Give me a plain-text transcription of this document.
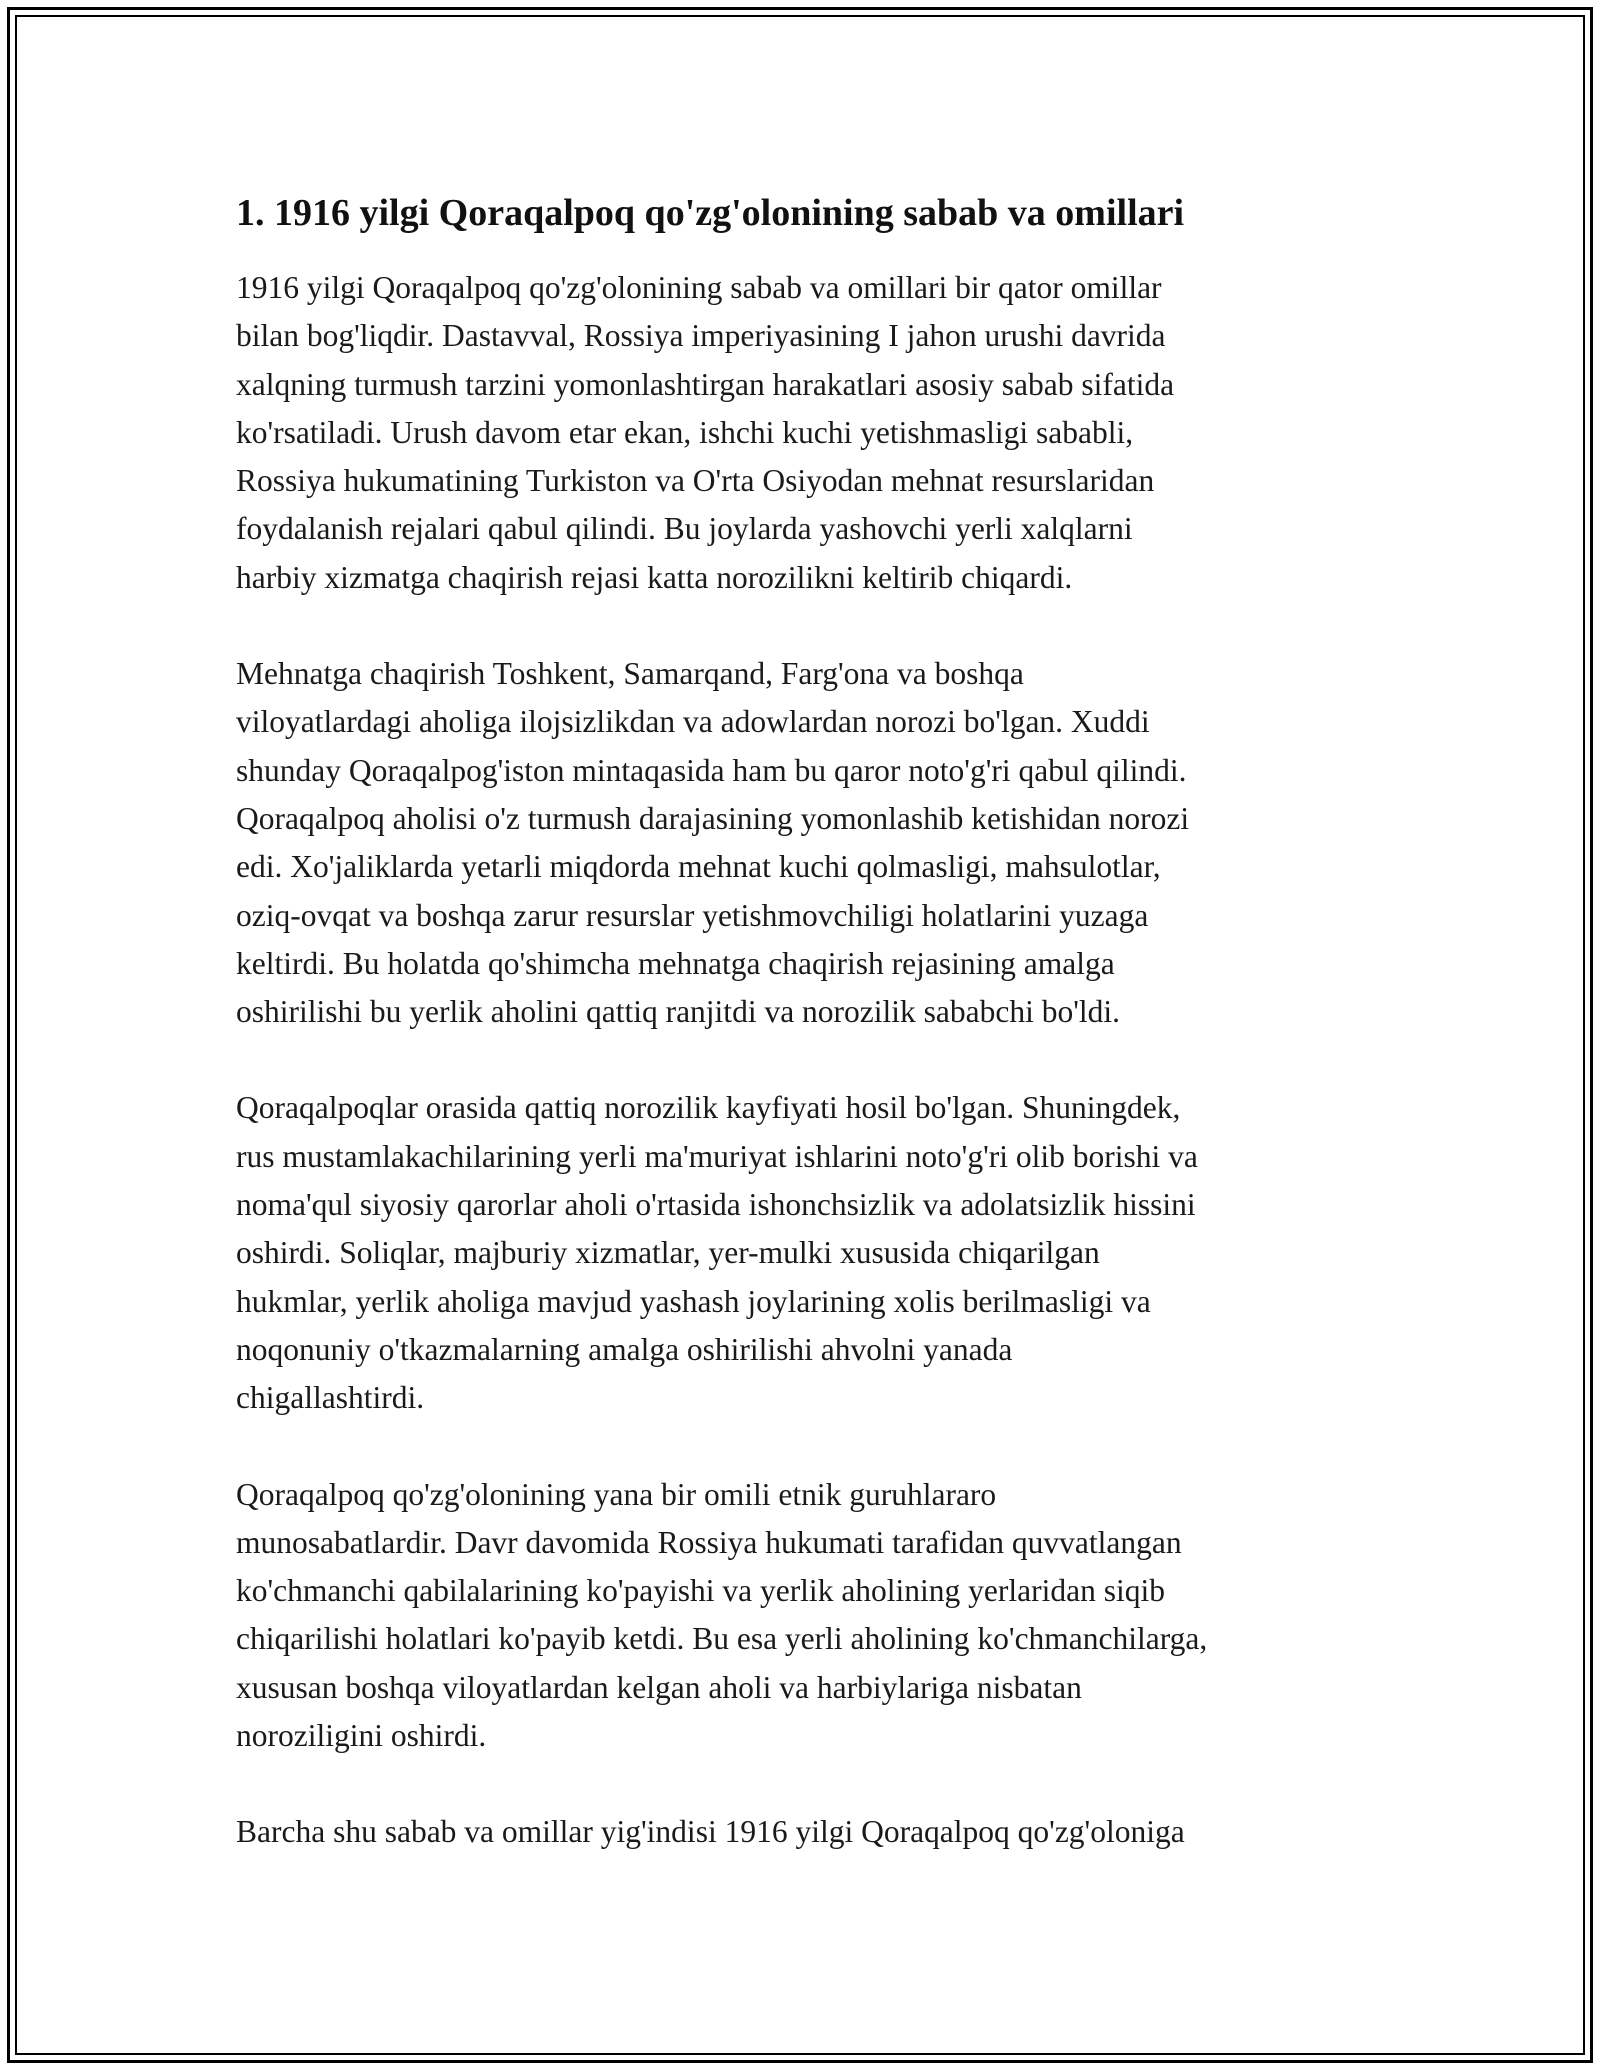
1. 1916 yilgi Qoraqalpoq qo'zg'olonining sabab va omillari

1916 yilgi Qoraqalpoq qo'zg'olonining sabab va omillari bir qator omillar
bilan bog'liqdir. Dastavval, Rossiya imperiyasining I jahon urushi davrida
xalqning turmush tarzini yomonlashtirgan harakatlari asosiy sabab sifatida
ko'rsatiladi. Urush davom etar ekan, ishchi kuchi yetishmasligi sababli,
Rossiya hukumatining Turkiston va O'rta Osiyodan mehnat resurslaridan
foydalanish rejalari qabul qilindi. Bu joylarda yashovchi yerli xalqlarni
harbiy xizmatga chaqirish rejasi katta norozilikni keltirib chiqardi.

Mehnatga chaqirish Toshkent, Samarqand, Farg'ona va boshqa
viloyatlardagi aholiga ilojsizlikdan va adowlardan norozi bo'lgan. Xuddi
shunday Qoraqalpog'iston mintaqasida ham bu qaror noto'g'ri qabul qilindi.
Qoraqalpoq aholisi o'z turmush darajasining yomonlashib ketishidan norozi
edi. Xo'jaliklarda yetarli miqdorda mehnat kuchi qolmasligi, mahsulotlar,
oziq-ovqat va boshqa zarur resurslar yetishmovchiligi holatlarini yuzaga
keltirdi. Bu holatda qo'shimcha mehnatga chaqirish rejasining amalga
oshirilishi bu yerlik aholini qattiq ranjitdi va norozilik sababchi bo'ldi.

Qoraqalpoqlar orasida qattiq norozilik kayfiyati hosil bo'lgan. Shuningdek,
rus mustamlakachilarining yerli ma'muriyat ishlarini noto'g'ri olib borishi va
noma'qul siyosiy qarorlar aholi o'rtasida ishonchsizlik va adolatsizlik hissini
oshirdi. Soliqlar, majburiy xizmatlar, yer-mulki xususida chiqarilgan
hukmlar, yerlik aholiga mavjud yashash joylarining xolis berilmasligi va
noqonuniy o'tkazmalarning amalga oshirilishi ahvolni yanada
chigallashtirdi.

Qoraqalpoq qo'zg'olonining yana bir omili etnik guruhlararo
munosabatlardir. Davr davomida Rossiya hukumati tarafidan quvvatlangan
ko'chmanchi qabilalarining ko'payishi va yerlik aholining yerlaridan siqib
chiqarilishi holatlari ko'payib ketdi. Bu esa yerli aholining ko'chmanchilarga,
xususan boshqa viloyatlardan kelgan aholi va harbiylariga nisbatan
noroziligini oshirdi.

Barcha shu sabab va omillar yig'indisi 1916 yilgi Qoraqalpoq qo'zg'oloniga
